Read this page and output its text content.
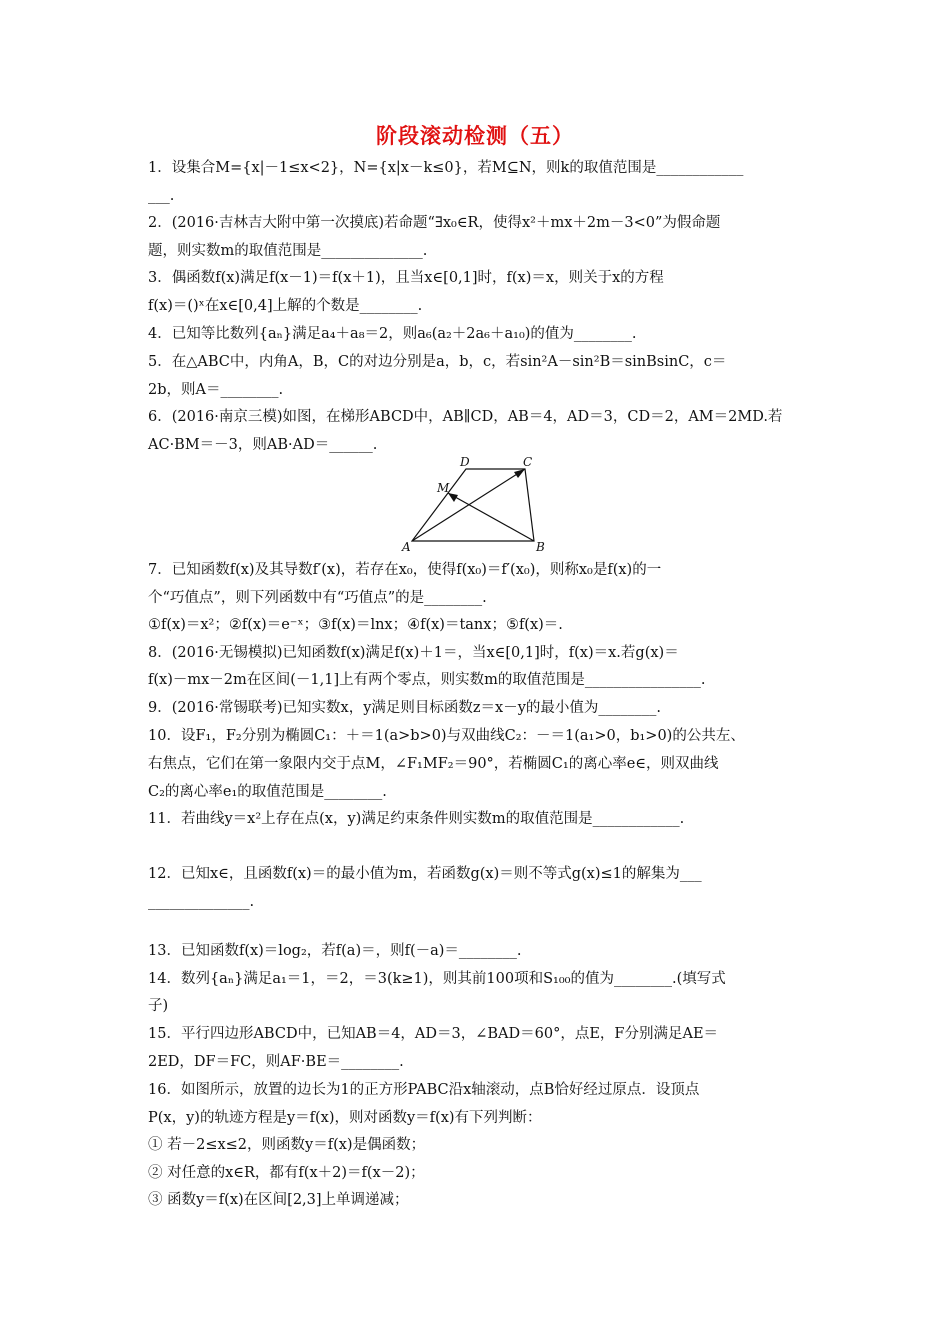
阶段滚动检测（五）
1．设集合M={x|－1≤x<2}，N={x|x－k≤0}，若M⊆N，则k的取值范围是____________
___.
2．(2016·吉林吉大附中第一次摸底)若命题“∃x₀∈R，使得x²＋mx＋2m－3<0”为假命题
题，则实数m的取值范围是______________.
3．偶函数f(x)满足f(x－1)＝f(x＋1)，且当x∈[0,1]时，f(x)＝x，则关于x的方程
f(x)＝()ˣ在x∈[0,4]上解的个数是________.
4．已知等比数列{aₙ}满足a₄＋a₈＝2，则a₆(a₂＋2a₆＋a₁₀)的值为________.
5．在△ABC中，内角A，B，C的对边分别是a，b，c，若sin²A－sin²B＝sinBsinC，c＝
2b，则A＝________.
6．(2016·南京三模)如图，在梯形ABCD中，AB∥CD，AB＝4，AD＝3，CD＝2，AM＝2MD.若
AC·BM＝－3，则AB·AD＝______.
D	C
M
A	B
7．已知函数f(x)及其导数f′(x)，若存在x₀，使得f(x₀)＝f′(x₀)，则称x₀是f(x)的一
个“巧值点”，则下列函数中有“巧值点”的是________.
①f(x)＝x²；②f(x)＝e⁻ˣ；③f(x)＝lnx；④f(x)＝tanx；⑤f(x)＝.
8．(2016·无锡模拟)已知函数f(x)满足f(x)＋1＝，当x∈[0,1]时，f(x)＝x.若g(x)＝
f(x)－mx－2m在区间(－1,1]上有两个零点，则实数m的取值范围是________________.
9．(2016·常锡联考)已知实数x，y满足则目标函数z＝x－y的最小值为________.
10．设F₁，F₂分别为椭圆C₁：＋＝1(a>b>0)与双曲线C₂：－＝1(a₁>0，b₁>0)的公共左、
右焦点，它们在第一象限内交于点M，∠F₁MF₂＝90°，若椭圆C₁的离心率e∈，则双曲线
C₂的离心率e₁的取值范围是________.
11．若曲线y＝x²上存在点(x，y)满足约束条件则实数m的取值范围是____________.
12．已知x∈，且函数f(x)＝的最小值为m，若函数g(x)＝则不等式g(x)≤1的解集为___
______________.
13．已知函数f(x)＝log₂，若f(a)＝，则f(－a)＝________.
14．数列{aₙ}满足a₁＝1，＝2，＝3(k≥1)，则其前100项和S₁₀₀的值为________.(填写式
子)
15．平行四边形ABCD中，已知AB＝4，AD＝3，∠BAD＝60°，点E，F分别满足AE＝
2ED，DF＝FC，则AF·BE＝________.
16．如图所示，放置的边长为1的正方形PABC沿x轴滚动，点B恰好经过原点．设顶点
P(x，y)的轨迹方程是y＝f(x)，则对函数y＝f(x)有下列判断：
① 若－2≤x≤2，则函数y＝f(x)是偶函数；
② 对任意的x∈R，都有f(x＋2)＝f(x－2)；
③ 函数y＝f(x)在区间[2,3]上单调递减；
